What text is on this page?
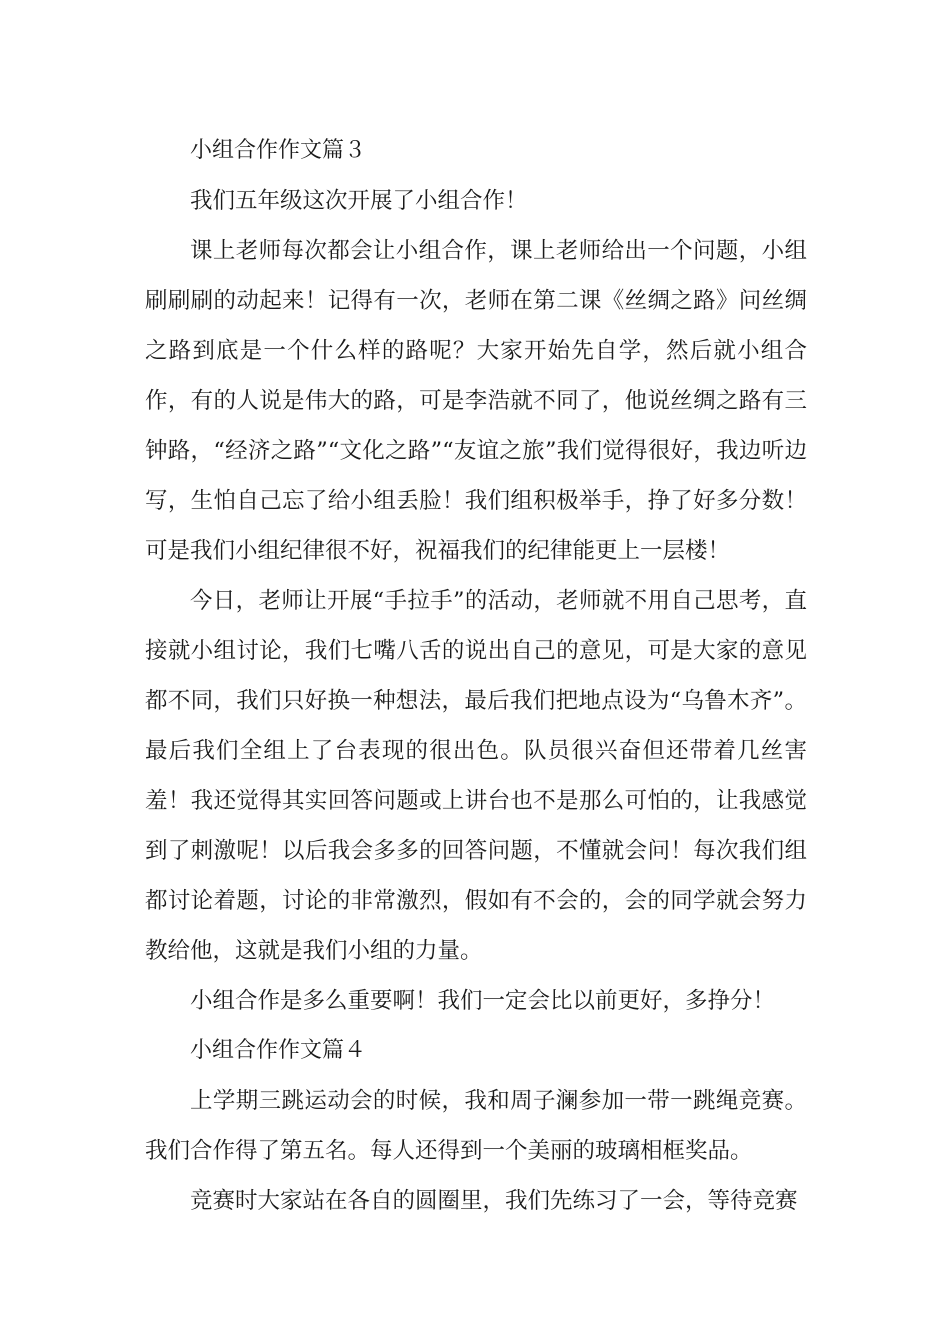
小组合作作文篇３

我们五年级这次开展了小组合作！

课上老师每次都会让小组合作，课上老师给出一个问题，小组刷刷刷的动起来！记得有一次，老师在第二课《丝绸之路》问丝绸之路到底是一个什么样的路呢？大家开始先自学，然后就小组合作，有的人说是伟大的路，可是李浩就不同了，他说丝绸之路有三钟路，“经济之路”“文化之路”“友谊之旅”我们觉得很好，我边听边写，生怕自己忘了给小组丢脸！我们组积极举手，挣了好多分数！可是我们小组纪律很不好，祝福我们的纪律能更上一层楼！

今日，老师让开展“手拉手”的活动，老师就不用自己思考，直接就小组讨论，我们七嘴八舌的说出自己的意见，可是大家的意见都不同，我们只好换一种想法，最后我们把地点设为“乌鲁木齐”。最后我们全组上了台表现的很出色。队员很兴奋但还带着几丝害羞！我还觉得其实回答问题或上讲台也不是那么可怕的，让我感觉到了刺激呢！以后我会多多的回答问题，不懂就会问！每次我们组都讨论着题，讨论的非常激烈，假如有不会的，会的同学就会努力教给他，这就是我们小组的力量。

小组合作是多么重要啊！我们一定会比以前更好，多挣分！

小组合作作文篇４

上学期三跳运动会的时候，我和周子澜参加一带一跳绳竞赛。我们合作得了第五名。每人还得到一个美丽的玻璃相框奖品。

竞赛时大家站在各自的圆圈里，我们先练习了一会，等待竞赛
